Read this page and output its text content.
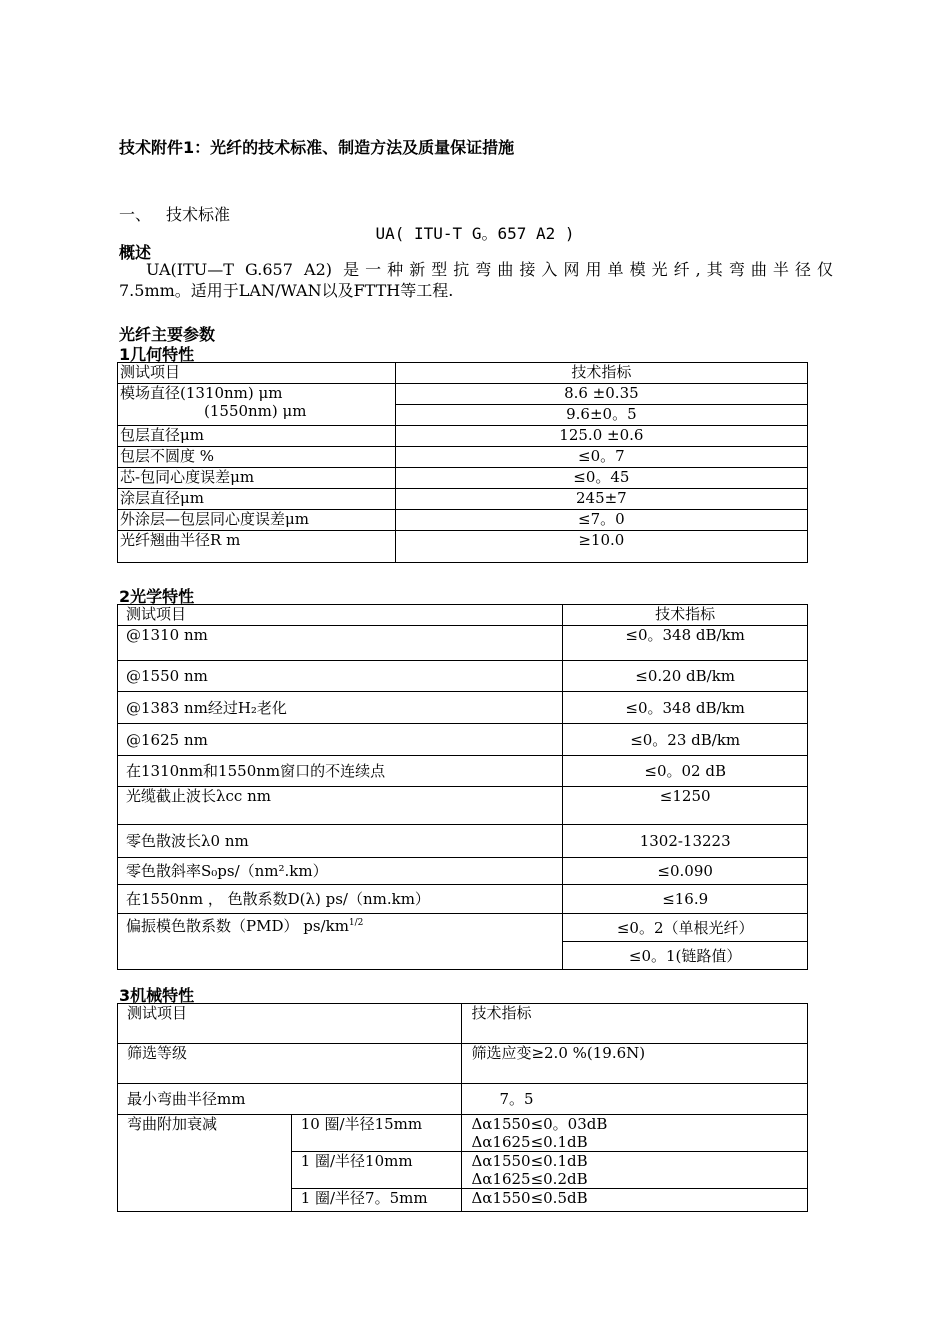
技术附件1：光纤的技术标准、制造方法及质量保证措施
一、 技术标准
UA( ITU-T G。657 A2 )
概述
UA(ITU—T G.657 A2) 是一种新型抗弯曲接入网用单模光纤,其弯曲半径仅
7.5mm。适用于LAN/WAN以及FTTH等工程.
光纤主要参数
1几何特性
测试项目	技术指标

模场直径(1310nm) μm
(1550nm) μm	8.6 ±0.35
	9.6±0。5
包层直径μm	125.0 ±0.6
包层不圆度 %	≤0。7
芯-包同心度误差μm	≤0。45
涂层直径μm	245±7
外涂层—包层同心度误差μm	≤7。0
光纤翘曲半径R m	≥10.0
2光学特性
测试项目	技术指标
@1310 nm	≤0。348 dB/km
@1550 nm	≤0.20 dB/km
@1383 nm经过H₂老化	≤0。348 dB/km
@1625 nm	≤0。23 dB/km
在1310nm和1550nm窗口的不连续点	≤0。02 dB
光缆截止波长λcc nm	≤1250
零色散波长λ0 nm	1302-13223
零色散斜率S₀ps/（nm².km）	≤0.090
在1550nm ， 色散系数D(λ) ps/（nm.km）	≤16.9
偏振模色散系数（PMD） $ps/km^{1/2}$	≤0。2（单根光纤）
	≤0。1(链路值）
3机械特性
测试项目		技术指标
筛选等级		筛选应变≥2.0 %(19.6N)
最小弯曲半径mm		7。5
弯曲附加衰减	10 圈/半径15mm	Δα1550≤0。03dB
Δα1625≤0.1dB

	1 圈/半径10mm	Δα1550≤0.1dB
Δα1625≤0.2dB

	1 圈/半径7。5mm	Δα1550≤0.5dB
